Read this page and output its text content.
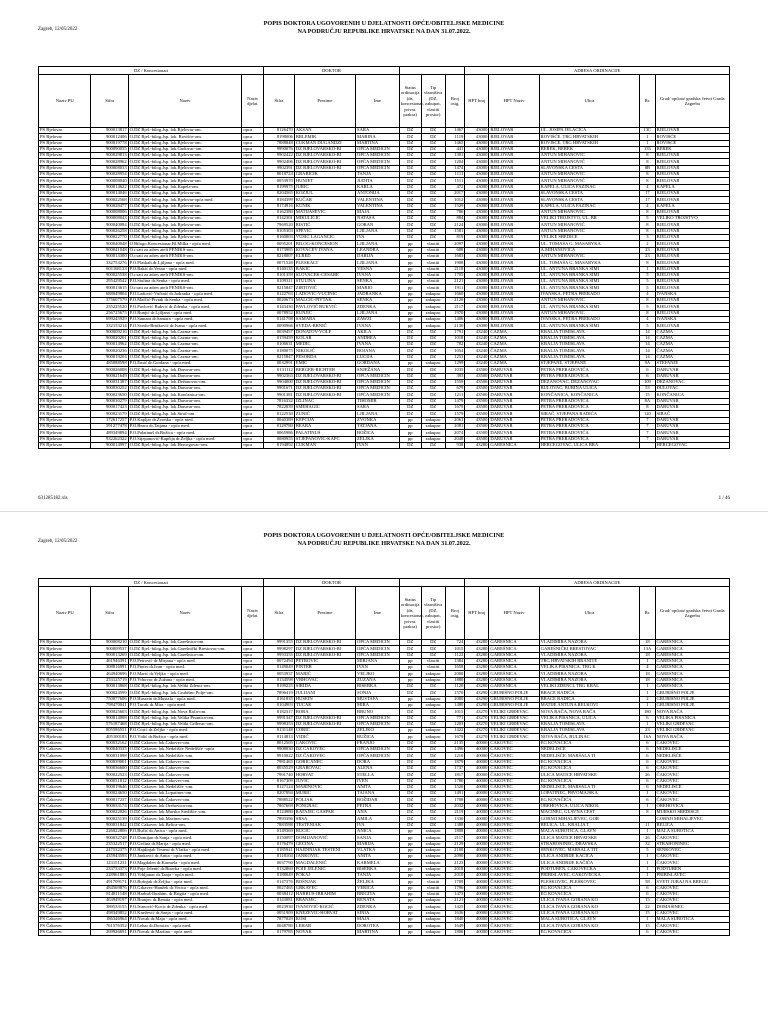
Zagreb, 12/05/2022
POPIS DOKTORA UGOVORENIH U DJELATNOSTI OPĆE/OBITELJSKE MEDICINE
NA PODRUČJU REPUBLIKE HRVATSKE NA DAN 31.07.2022.
DZ / Koncesionari				DOKTOR						ADRESA ORDINACIJE				
Naziv PU	Šifra	Naziv	Naziv djelat.	Šifra	Prezime	Ime	Status ordinacija (dz, koncesionar, privat. praksa)	Tip vlasništva (DZ, zakupac, vlastiti prostor)	Broj osig.	HPT broj	HPT Naziv	Ulica	Br.	Grad/ općina/ gradska četvrt Grada Zagreba
PS Bjelovar	900013817	O.DZ Bjel.-bilog.Jsp. lok.Bjelovar-om.	opca	8126470	AKSAN	SARA	DZ	DZ	1467	43000	BJELOVAR	UL. JOSIPA JELAČIĆA	13C	BJELOVAR
PS Bjelovar	900012406	O.DZ Bjel.-bilog.Jsp. lok. Rovišće-om.	opca	8198006	BRLEMIK	MARINA	DZ	DZ	1119	43000	BJELOVAR	ROVIŠĆE, TRG HRVATSKIH	1	ROVIŠĆE
PS Bjelovar	900019778	O.DZ Bjel.-bilog.Jsp. lok.Bjelovar-om.	opca	7888848	CUKMAN DUGANDŽI	MARTINA	DZ	DZ	1465	43000	BJELOVAR	ROVIŠĆE, TRG HRVATSKIH	1	ROVIŠĆE
PS Bjelovar	900090035	O.DZ Bjel.-bilog.Jsp. lok.Gudovac-om.	opca	9990076	DZ BJELOVARSKO-BI	OPĆA MEDICIN	DZ	DZ	441	43000	BJELOVAR	BEREK, BEREK	135	BEREK
PS Bjelovar	900029813	O.DZ Bjel.-bilog.Jsp. lok.Bjelovar-om.	opca	9902422	DZ BJELOVARSKO-BI	OPĆA MEDICIN	DZ	DZ	1301	43000	BJELOVAR	ANTUN MIHANOVIĆ	8	BJELOVAR
PS Bjelovar	900028962	O.DZ Bjel.-bilog.Jsp. lok.Bjelovar-om.	opca	9902406	DZ BJELOVARSKO-BI	OPĆA MEDICIN	DZ	DZ	1204	43000	BJELOVAR	ANTUN MIHANOVIĆ	8	BJELOVAR
PS Bjelovar	900008033	O.DZ Bjel.-bilog.Jsp. lok.Bjelovar-om.	opca	9902391	DZ BJELOVARSKO-BI	OPĆA MEDICIN	DZ	DZ	1474	43000	BJELOVAR	SLAVONSKA CESTA	8B	BJELOVAR
PS Bjelovar	900028954	O.DZ Bjel.-bilog.Jsp. lok.Bjelovar-om.	opca	8018724	GRABICIK	TANJA	DZ	DZ	1111	43000	BJELOVAR	ANTUN MIHANOVIĆ	8	BJELOVAR
PS Bjelovar	900008040	O.DZ Bjel.-bilog.Jsp. lok.Bjelovar-om.	opca	0053970	HUNJET	JUDITA	DZ	DZ	1511	43000	BJELOVAR	ANTUN MIHANOVIĆ	8	BJELOVAR
PS Bjelovar	900014622	O.DZ Bjel.-bilog.Jsp. lok.Kapela-om.	opca	8199975	JURIĆ	KARLA	DZ	DZ	472	43000	BJELOVAR	KAPELA, ULICA FAZINAC	4	KAPELA
PS Bjelovar	900014046	O.DZ Bjel.-bilog.Jsp. lok.Bjelovar-om.	opca	8204565	KOZJUL	ANTONIJA	DZ	DZ	2017	43000	BJELOVAR	SLAVONSKA CESTA	17	BJELOVAR
PS Bjelovar	900022568	O.DZ Bjel.-bilog.Jsp. lok.Bjelovar-opća med.	opca	8184399	KUČAR	VALENTINA	DZ	DZ	1012	43000	BJELOVAR	SLAVONSKA CESTA	17	BJELOVAR
PS Bjelovar	900028477	O.DZ Bjel.-bilog.Jsp. lok.Bjelovar-om.	opca	8174916	KUNIK	VALENTINA	DZ	DZ	1529	43000	BJELOVAR	KAPELA, ULICA FAZINAC	4	KAPELA
PS Bjelovar	900008006	O.DZ Bjel.-bilog.Jsp. lok.Bjelovar-om.	opca	0162380	MATIJAŠEVIĆ	MAJA	DZ	DZ	786	43000	BJELOVAR	ANTUN MIHANOVIĆ	8	BJELOVAR
PS Bjelovar	900008043	O.DZ Bjel.-bilog.Jsp. lok.Bjelovar-om.	opca	0142301	MIKULIČIĆ	NATAŠA	DZ	DZ	884	43000	BJELOVAR	VELIKI TROJSTVO, UL. BR	5	VELIKO TROJSTVO
PS Bjelovar	900040084	O.DZ Bjel.-bilog.Jsp. lok.Bjelovar-om.	opca	7969520	RISTIĆ	GORAN	DZ	DZ	2124	43000	BJELOVAR	ANTUN MIHANOVIĆ	8	BJELOVAR
PS Bjelovar	900026258	O.DZ Bjel.-bilog.Jsp. lok.Bjelovar-om.	opca	8105303	ŠPEVIĆ	LJILJANA	DZ	DZ	1581	43000	BJELOVAR	ANTUN MIHANOVIĆ	8	BJELOVAR
PS Bjelovar	900022770	O.DZ Bjel.-bilog.Jsp. lok.Bjelovar-om.	opca	8160003	VUSIĆ LAGANCIĆ	IVA	DZ	DZ	819	43000	BJELOVAR	VELIKE ŠREDICE	3	BJELOVAR
PS Bjelovar	900040048	O.Bilogo.Koncesionar.Bl.Milka - opća med.	opca	0095201	BILOG-KONCESION	LJILJANA	pp	vlastiti	2097	43000	BJELOVAR	UL. TOMAŠA G. MASARYKA	2	BJELOVAR
PS Bjelovar	900041048	O.r.sati za adres atelt FENIKS-om.	opca	8173985	KOVAČEV IVANA	LEANDRA	pp	vlastiti	688	43000	BJELOVAR	A.MIHANOVIĆA	23	BJELOVAR
PS Bjelovar	900013300	O.r.sati za adres atelt FENIKS-om.	opca	8218007	ELRED	DARIJA	pp	vlastiti	1683	43000	BJELOVAR	ANTUN MIHANOVIĆ	23	BJELOVAR
PS Bjelovar	332753276	P.O.Plaskalt.dr.Ljiljana - opća med.	opca	0071528	PLESKALT	LJILJANA	pp	vlastiti	1908	43000	BJELOVAR	UL. TOMAŠA G. MASARYKA	8	BJELOVAR
PS Bjelovar	601168133	P.O.Rakić dr.Vesna - opća med.	opca	0140135	RAKIĆ	VESNA	pp	vlastiti	2118	43000	BJELOVAR	UL. ANTUNA BRANKA ŠIMI	1	BJELOVAR
PS Bjelovar	900025538	O.r.sati za adres atelt FENIKS-om.	opca	8101359	SLOVACEK-CESARE	IVANA	pp	vlastiti	1705	43000	BJELOVAR	UL. ANTUNA BRANKA ŠIMI	5	BJELOVAR
PS Bjelovar	295429542	P.O.Stulina dr.Senka - opća med.	opca	0109311	STULINA	SENKA	pp	vlastiti	2121	43000	BJELOVAR	UL. ANTUNA BRANKA ŠIMI	5	BJELOVAR
PS Bjelovar	900013615	O.r.sati za adres atelt FENIKS-om.	opca	8215847	ZIRTOVIĆ	MARIO	pp	vlastiti	1911	43000	BJELOVAR	UL. ANTUNA BRANKA ŠIMI	5	BJELOVAR
PS Bjelovar	688049804	P.O.Ladović-Vučinić dr.Jadranka - opća med.	opca	0122763	LADOVIĆ-VUČINIĆ	JADRANKA	pp	zakupac	1660	43000	BJELOVAR	IVANSKA, PETRA PRERADO	4	IVANSKA
PS Bjelovar	375607579	P.O.Malčić-Pivtak dr.Senka - opća med.	opca	0020673	MALČIĆ-PIVTAK	SENKA	pp	zakupac	2120	43000	BJELOVAR	ANTUN MIHANOVIĆ	8	BJELOVAR
PS Bjelovar	255225520	P.O.Pavlović Bukvić dr.Zdenka - opća med.	opca	0143430	PAVLOVIĆ BUKVIĆ	ZDENKA	pp	zakupac	2117	43000	BJELOVAR	UL. ANTUNA BRANKA ŠIMI	5	BJELOVAR
PS Bjelovar	256725675	P.O.Runjić dr.Ljiljana - opća med.	opca	0078952	RUNJIĆ	LJILJANA	pp	zakupac	1970	43000	BJELOVAR	ANTUN MIHANOVIĆ	8	BJELOVAR
PS Bjelovar	699245929	P.O.Samara dr.Samara - opća med.	opca	0141798	SAMARA	ZAWZI	pp	zakupac	1406	43000	BJELOVAR	IVANSKA, PETRA PRERADO	4	IVANSKA
PS Bjelovar	332153214	P.O.Svedo-Brniković dr.Ivana - opća med.	opca	0090966	SVEDA-BRNIĆ	IVANA	pp	zakupac	2130	43000	BJELOVAR	UL. ANTUNA BRANKA ŠIMI	5	BJELOVAR
PS Bjelovar	900009216	O.DZ Bjel.-bilog.Jsp. lok.Čazma-om.	opca	0039457	DONATOV-VOLF	AKILA	DZ	DZ	1791	43240	ČAZMA	KRALJA TOMISLAVA	14	ČAZMA
PS Bjelovar	900020201	O.DZ Bjel.-bilog.Jsp. lok.Čazma-om.	opca	0159459	KOLAR	ANDREA	DZ	DZ	1018	43240	ČAZMA	KRALJA TOMISLAVA	14	ČAZMA
PS Bjelovar	900014962	O.DZ Bjel.-bilog.Jsp. lok.Čazma-om.	opca	0106631	MEDIC	IVANA	DZ	DZ	782	43240	ČAZMA	KRALJA TOMISLAVA	14	ČAZMA
PS Bjelovar	900020236	O.DZ Bjel.-bilog.Jsp. lok.Čazma-om.	opca	0180075	NIKOLIĆ	BOJANA	DZ	DZ	1054	43240	ČAZMA	KRALJA TOMISLAVA	14	ČAZMA
PS Bjelovar	900019204	O.DZ Bjel.-bilog.Jsp. lok.Čazma-om.	opca	8215847	PEŠORDA	LUCIJA	DZ	DZ	1253	43240	ČAZMA	KRALJA TOMISLAVA	14	ČAZMA
PS Bjelovar	485088598	P.O.Emić dr.Gordana - opća med.	opca	0032991	EMIĆ	GORDANA	pp	zakupac	1299	43240	ČAZMA	STJEPANE, STJEPANE	9A	ŠTEFANJE
PS Bjelovar	900026008	O.DZ Bjel.-bilog.Jsp. lok.Daruvar-om.	opca	0131112	BERGER-RICHTER	SNJEŽANA	DZ	DZ	1035	43500	DARUVAR	PETRA PRERADOVIĆA	6	DARUVAR
PS Bjelovar	900021649	O.DZ Bjel.-bilog.Jsp. lok.Daruvar-om.	opca	9902363	DZ BJELOVARSKO-BI	OPĆA MEDICIN	DZ	DZ	393	43500	DARUVAR	PETRA PRERADOVIĆA	6	DARUVAR
PS Bjelovar	900031387	O.DZ Bjel.-bilog.Jsp. lok.Dežanovac-om.	opca	9904000	DZ BJELOVARSKO-BI	OPĆA MEDICIN	DZ	DZ	1559	43506	DARUVAR	DEŽANOVAC, DEŽANOVAC	109	DEŽANOVAC
PS Bjelovar	900030252	O.DZ Bjel.-bilog.Jsp. lok.Daruvar-om.	opca	9901671	DZ BJELOVARSKO-BI	OPĆA MEDICIN	DZ	DZ	679	43500	DARUVAR	BULOVAC, BURINA ULICA	53	ĐULOVAC
PS Bjelovar	900023650	O.DZ Bjel.-bilog.Jsp. lok.Končanica-om.	opca	9901381	DZ BJELOVARSKO-BI	OPĆA MEDICIN	DZ	DZ	1211	43500	DARUVAR	KONČANICA, KONČANICA	15	KONČANICA
PS Bjelovar	900030279	O.DZ Bjel.-bilog.Jsp. lok.Daruvar-om.	opca	7816332	IŽLINAC	TIHOMIR	DZ	DZ	1479	43500	DARUVAR	PETRA PRERADOVIĆA	8A	DARUVAR
PS Bjelovar	900017423	O.DZ Bjel.-bilog.Jsp. lok.Daruvar-om.	opca	7822839	SMEHAGIĆ	SARA	DZ	DZ	1679	43500	DARUVAR	PETRA PRERADOVIĆA	8	DARUVAR
PS Bjelovar	900023179	O.DZ Bjel.-bilog.Jsp. lok.Sirač-om.	opca	8122530	ZUNIĆ	LJILJANA	DZ	DZ	1579	43500	DARUVAR	SIRAČ, STJEPANA RADIĆA	120	SIRAČ
PS Bjelovar	172617257	P.O.Kapljar dr.Zvonka - opća med.	opca	0040389	KEPČIJA	ZVONKA	pp	zakupac	2061	43500	DARUVAR	PETRA PRERADOVIĆA	7	DARUVAR
PS Bjelovar	591277478	P.O.Beara dr.Tatjana - opća med.	opca	0129780	BEARA	TATJANA	pp	zakupac	2081	43500	DARUVAR	PETRA PRERADOVIĆA	7	DARUVAR
PS Bjelovar	489349894	P.O.Palatinuš dr.Božica - opća med.	opca	0065986	PALATINUŠ	BOŽICA	pp	zakupac	2074	43500	DARUVAR	PETRA PRERADOVIĆA	7	DARUVAR
PS Bjelovar	932262322	P.O.Stjepanović-Kapčija dr.Zeljka - opća med.	opca	0080955	STJEPANOVIĆ-KAPČ	ŽELJKA	pp	zakupac	2048	43500	DARUVAR	PETRA PRERADOVIĆA	7	DARUVAR
PS Bjelovar	900014997	O.DZ Bjel.-bilog.Jsp. lok.Hercegovac-om.	opca	8194892	ČUKMAN	IVAN	DZ	DZ	938	43280	GAREŠNICA	HERCEGOVAC, ULICA BRA		HERCEGOVAC
631285182.xls	1 / 46
Zagreb, 12/05/2022
POPIS DOKTORA UGOVORENIH U DJELATNOSTI OPĆE/OBITELJSKE MEDICINE
NA PODRUČJU REPUBLIKE HRVATSKE NA DAN 31.07.2022.
DZ / Koncesionari				DOKTOR						ADRESA ORDINACIJE				
Naziv PU	Šifra	Naziv	Naziv djelat.	Šifra	Prezime	Ime	Status ordinacija (dz, koncesionar, privat. praksa)	Tip vlasništva (DZ, zakupac, vlastiti prostor)	Broj osig.	HPT broj	HPT Naziv	Ulica	Br.	Grad/ općina/ gradska četvrt Grada Zagreba
PS Bjelovar	900008210	O.DZ Bjel.-bilog.Jsp. lok.Garešnica-om.	opca	9991355	DZ BJELOVARSKO-BI	OPĆA MEDICIN	DZ	DZ	724	43280	GAREŠNICA	VLADIMIRA NAZORA	18	GAREŠNICA
PS Bjelovar	900009537	O.DZ Bjel.-bilog.Jsp. lok.Garešnički Brestovac-om.	opca	9998297	DZ BJELOVARSKO-BI	OPĆA MEDICIN	DZ	DZ	1015	43280	GAREŠNICA	GAREŠNIČKI BRESTOVAC	13A	GAREŠNICA
PS Bjelovar	900013269	O.DZ Bjel.-bilog.Jsp. lok.Garešnica-om.	opca	9993355	DZ BJELOVARSKO-BI	OPĆA MEDICIN	DZ	DZ	1122	43280	GAREŠNICA	VLADIMIRA NAZORA	18	GAREŠNICA
PS Bjelovar	461946391	P.O.Petrović dr.Mirjana - opća med.	opca	0072494	PETROVIĆ	MIRJANA	pp	vlastiti	1384	43280	GAREŠNICA	TRG HRVATSKIH BRANITE	1	GAREŠNICA
PS Bjelovar	308816991	P.O.Pinter dr.Ivan - opća med.	opca	0149049	PINTER	IVAN	pp	vlastiti	1658	43280	GAREŠNICA	VELIKA PIŠANICA, TRG K	4	GAREŠNICA
PS Bjelovar	464940696	P.O.Marić dr.Veljko - opća med.	opca	0053937	MARIĆ	VELJKO	pp	zakupac	2000	43280	GAREŠNICA	VLADIMIRA NAZORA	18	GAREŠNICA
PS Bjelovar	253125719	P.O.Vrhovac dr.Žužana - opća med.	opca	0134598	VRHOVAC	ŽUŽANA	pp	zakupac	1880	43280	GAREŠNICA	VLADIMIRA NAZORA	18	GAREŠNICA
PS Bjelovar	900013868	O.DZ Bjel.-bilog.Jsp. lok.Veliki Zdenci-om.	opca	8199225	SIRIDA	BISERKA	DZ	DZ	1120	43280	GAREŠNICA	VELIKI ZDENCI, TRG KRAL	1	GAREŠNICA
PS Bjelovar	900024599	O.DZ Bjel.-bilog.Jsp. lok.Grubišno Polje-om.	opca	7896419	JULIJANI	SONJA	DZ	DZ	1570	43290	GRUBIŠNO POLJE	BRACE RADIĆA	1	GRUBIŠNO POLJE
PS Bjelovar	750077606	P.O.Hussein dr.Mustafa - opća med.	opca	0161835	HUSEIN	MUSTAFA	pp	zakupac	2080	43290	GRUBIŠNO POLJE	BRACE RADIĆA	2	GRUBIŠNO POLJE
PS Bjelovar	798470041	P.O.Tucak dr.Mira - opća med.	opca	0104903	TUCAK	MIRA	pp	zakupac	1480	43290	GRUBIŠNO POLJE	MATIJE ANTUNA RELKOVI	1	GRUBIŠNO POLJE
PS Bjelovar	900025603	O.DZ Bjel.-bilog.Jsp. lok.Nova Rača-om.	opca	8182317	BORA	BRUNO	DZ	DZ	1015	43270	VELIKI GRĐEVAC	NOVA RAČA, NOVA RAČA	180	NOVA RAČA
PS Bjelovar	900014008	O.DZ Bjel.-bilog.Jsp. lok.Velika Pisanica-om.	opca	9991347	DZ BJELOVARSKO-BI	OPĆA MEDICIN	DZ	DZ	771	43270	VELIKI GRĐEVAC	VELIKA PISANICA, ULICA	6	VELIKA PIŠANICA
PS Bjelovar	576187468	O.DZ Bjel.-bilog.Jsp. lok.Veliki Grđevac-om.	opca	9998353	DZ BJELOVARSKO-BI	OPĆA MEDICIN	DZ	DZ	1203	43270	VELIKI GRĐEVAC	KRALJA TOMISLAVA	1	VELIKI GRĐEVAC
PS Bjelovar	805586551	P.O.Ćorić dr.Željko - opća med.	opca	0131148	ĆORIĆ	ŽELJKO	pp	zakupac	1422	43270	VELIKI GRĐEVAC	KRALJA TOMISLAVA	23	VELIKI GRĐEVAC
PS Bjelovar	405100183	P.O.Vidić dr.Ružica - opća med.	opca	0114813	VIDIĆ	RUŽICA	pp	zakupac	1679	43270	VELIKI GRĐEVAC	NOVA RAČA, BULINAC	16A	NOVA RAČA
PS Čakovec	900032162	O.DZ Čakovec lok.Čakovec-om.	opca	8012505	ČAKOVIĆ	FRANJO	DZ	DZ	2135	40000	ČAKOVEC	EG KOVAČIĆA	6	ČAKOVEC
PS Čakovec	900040335	O.DZ Čakovec lok.Nedelišće Nedelišće -opća	opca	9908030	DZ ČAKOVEC	OPĆA MEDICIN	DZ	DZ	1496	40000	ČAKOVEC	NEDELIŠĆE	6	NEDELIŠĆE
PS Čakovec	900031098	O.DZ Čakovec lok.Nedelišće -om.	opca	9910022	DZ ČAKOVEC	OPĆA MEDICIN	DZ	DZ	1210	40000	ČAKOVEC	NEDELIŠĆE, MARŠALA TI	6	NEDELIŠĆE
PS Čakovec	900039001	O.DZ Čakovec lok.Čakovec-om.	opca	7981465	GORIĆANEC	DORA	DZ	DZ	1879	40000	ČAKOVEC	EG KOVAČIĆA	6	ČAKOVEC
PS Čakovec	900036600	O.DZ Čakovec lok.Čakovec-om.	opca	8035529	GRABOVAC	ALENA	DZ	DZ	1737	40000	ČAKOVEC	EG KOVAČIĆA	6	ČAKOVEC
PS Čakovec	900022523	O.DZ Čakovec lok.Čakovec-om.	opca	7991740	HORVAT	STELLA	DZ	DZ	1817	40000	ČAKOVEC	ULICA MATICE HRVATSKE	26	ČAKOVEC
PS Čakovec	900031812	O.DZ Čakovec lok.Čakovec-om.	opca	8167309	JUVIĆ	IVEN	DZ	DZ	1780	40000	ČAKOVEC	EG KOVAČIĆA	6	ČAKOVEC
PS Čakovec	900019646	O.DZ Čakovec lok.Nedelišće -om.	opca	8127124	MARINOVIĆ	ANITA	DZ	DZ	1520	40000	ČAKOVEC	NEDELIŠĆE, MARŠALA TI	6	NEDELIŠĆE
PS Čakovec	900024650	O.DZ Čakovec lok.Lopatinec-om.	opca	8207094	MURIČ	TAJANA	DZ	DZ	1491	40000	ČAKOVEC	LOPATINEC, PRVOMAJSKA	1	ČAKOVEC
PS Čakovec	900017237	O.DZ Čakovec lok.Čakovec-om.	opca	7888522	POLJAK	BOŽIDAR	DZ	DZ	1708	40000	ČAKOVEC	EG KOVAČIĆA	6	ČAKOVEC
PS Čakovec	900033174	O.DZ Čakovec lok.Orehovica-om.	opca	7867669	PONGRAC	PETRA	DZ	DZ	2032	40000	ČAKOVEC	OREHOVICA, ULICA NIKOL	1	OREHOVICA
PS Čakovec	900022026	O.DZ Čakovec lok.Mursko Središće -om.	opca	8124980	RATAJEC GAŠPAR	ANA	DZ	DZ	2119	40000	ČAKOVEC	MACINEC, GLAVNA CEST	8	MURSKO SREDIŠĆE
PS Čakovec	900025139	O.DZ Čakovec lok.Macinec-om.	opca	7893396	SRSA	AMILA	DZ	DZ	1330	40000	ČAKOVEC	GORNJI MIHALJEVEC, GOR		GORNJI MIHALJEVEC
PS Čakovec	900031842	O.DZ Čakovec lok.Belica-om.	opca	7883588	TESTENIAK	IVA	DZ	DZ	1388	40000	ČAKOVEC	BELICA, UL. KRALJA T	11	BELICA
PS Čakovec	226822806	P.O.Bučić dr.Anica - opća med.	opca	0149369	BUČIĆ	ANICA	pp	zakupac	1808	40000	ČAKOVEC	MALA SUBOTICA, GLAVN	1	MALA SUBOTICA
PS Čakovec	900032748	P.O.Domijan dr.Sanja - opća med.	opca	0150097	DOMIJANOVIĆ	SANJA	pp	zakupac	2117	40000	ČAKOVEC	ULICA MATICE HRVATSKE	26	ČAKOVEC
PS Čakovec	235322517	P.O.Gečina dr.Marija - opća med.	opca	0176479	GEČINA	MARIJA	pp	zakupac	2129	40000	ČAKOVEC	STRAHONINEC, DRAVSKA	32	STRAHONINEC
PS Čakovec	247532375	P.O.Hajdinjak Testeni dr.Vlatka - opća med.	opca	0185941	HAJDINJAK TESTENI	VLATKA	pp	zakupac	2100	40000	ČAKOVEC	ŠENKOVEC, MARŠALA TIT	5	ŠENKOVEC
PS Čakovec	435943593	P.O.Janković dr.Anita - opća med.	opca	0118104	JANKOVIĆ	ANITA	pp	zakupac	2090	40000	ČAKOVEC	ULICA ANDRIJE KAČIĆA	1	ČAKOVEC
PS Čakovec	123151231	P.O.Magdalen dr.Karmela - opća med.	opca	0037790	MAGDALENIĆ	KARMELA	pp	zakupac	2123	40000	ČAKOVEC	ULICA ANDRIJE KAČIĆA	1	ČAKOVEC
PS Čakovec	233733373	P.O.Poje Jelenić dr.Biserka - opća med.	opca	0132869	POJE JELENIĆ	BISERKA	pp	zakupac	2018	40000	ČAKOVEC	PODTUREN, ČAKOVEČKA	1	PODTUREN
PS Čakovec	228961883	P.O.Vrbljanac dr.Tanja - opća med.	opca	0188049	POKAJ	TANJA	pp	zakupac	2010	40000	ČAKOVEC	PRIBISLAVEC, ČAKOVEČKA	1	PRIBISLAVEC
PS Čakovec	491709171	P.O.Bošnjak dr.Željka - opća med.	opca	0147376	BOŠNJAK	ŽELJKA	pp	vlastiti	1709	40000	ČAKOVEC	PLEŠKOVEC, PLEŠKOVEC	58	SVETI JURAJ NA BREGU
PS Čakovec	484569876	P.O.Grkavec-Hanžek dr.Verica - opća med.	opca	0027465	GRKAVEC	VERICA	pp	vlastiti	1796	40000	ČAKOVEC	EG KOVAČIĆA	6	ČAKOVEC
PS Čakovec	814811148	P.O.Harbuš-Ibrahim. dr.Brigita - opća med.	opca	0038412	HARBUŠ-IBRAHIM	BRIGITA	pp	vlastiti	1473	40000	ČAKOVEC	EG KOVAČIĆA	6	ČAKOVEC
PS Čakovec	463949197	P.O.Branjec dr.Renata - opća med.	opca	0143081	BRANJEC	RENATA	pp	zakupac	2121	40000	ČAKOVEC	ULICA IVANA GORANA KO	15	ČAKOVEC
PS Čakovec	389533155	P.O.Ivanović-Kocic dr.Zdenka - opća med.	opca	0023930	IVANOVIĆ-KOCIĆ	ZDENKA	pp	zakupac	1425	40000	ČAKOVEC	ULICA IVANA GORANA KO	22	DOMAŠINEC
PS Čakovec	498349852	P.O.Knežević dr.Sanja - opća med.	opca	0051909	KNEŽEVIĆ-HORVAT	SINIA	pp	zakupac	1636	40000	ČAKOVEC	ULICA IVANA GORANA KO	15	ČAKOVEC
PS Čakovec	186346964	P.O.Novak dr.Maja - opća med.	opca	7877029	KOŠI	MAJA	pp	zakupac	1840	40000	ČAKOVEC	MALA SUBOTICA, GLAVN	1	MALA SUBOTICA
PS Čakovec	761576352	P.O.Lehar dr.Dorotea - opća med.	opca	0048780	LEHAR	DOROTEA	pp	zakupac	1649	40000	ČAKOVEC	ULICA IVANA GORANA KO	15	ČAKOVEC
PS Čakovec	269926691	P.O.Novak dr.Martina - opća med.	opca	0179785	NOVAK	MARTINA	pp	zakupac	1806	40000	ČAKOVEC	EG KOVAČIĆA	6	ČAKOVEC
